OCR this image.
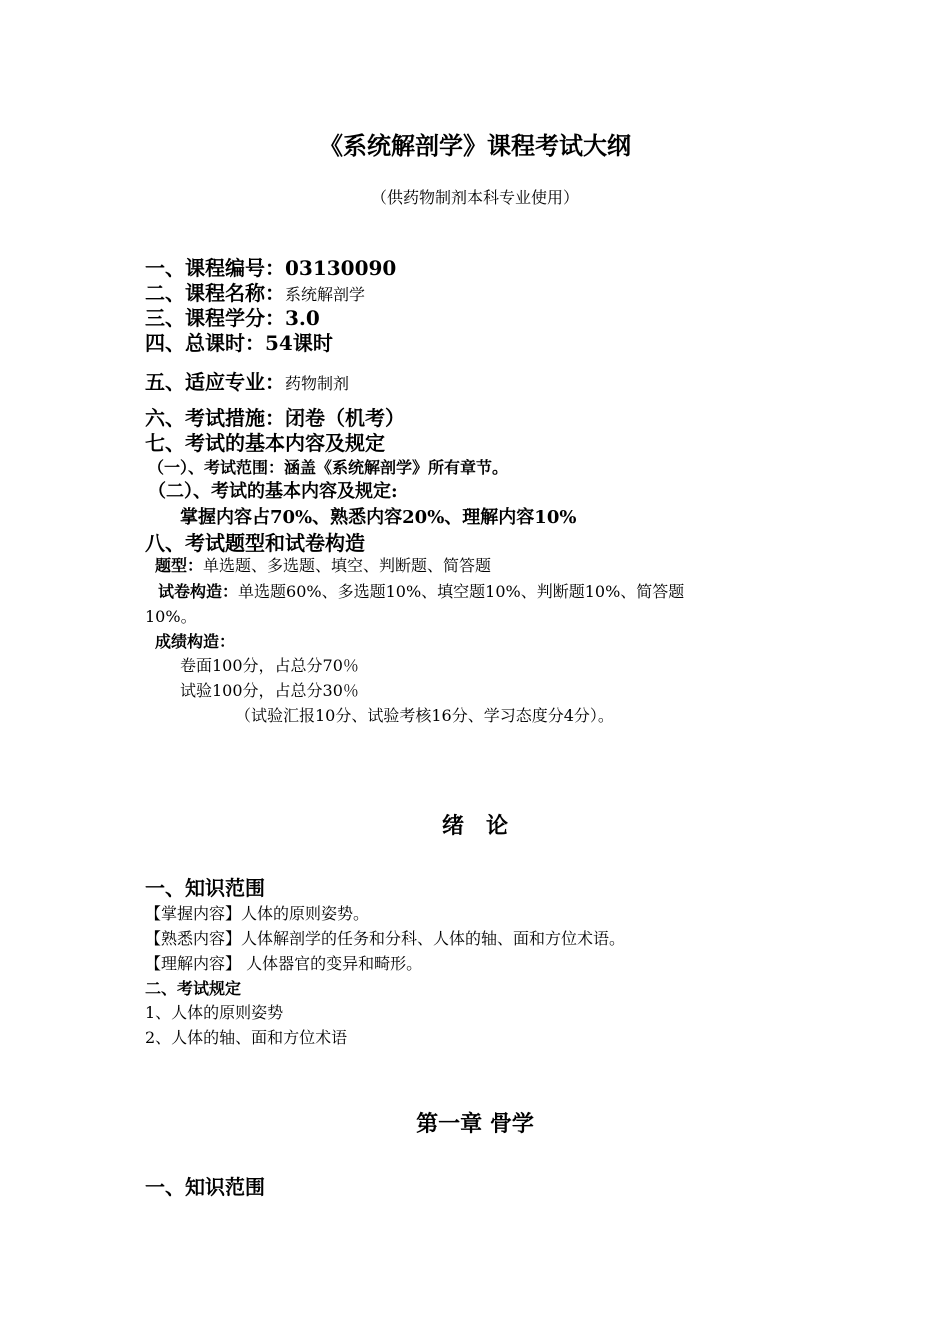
《系统解剖学》课程考试大纲
（供药物制剂本科专业使用）
一、课程编号：03130090
二、课程名称：系统解剖学
三、课程学分：3.0
四、总课时：54课时
五、适应专业：药物制剂
六、考试措施：闭卷（机考）
七、考试的基本内容及规定
（一）、考试范围：涵盖《系统解剖学》所有章节。
（二）、考试的基本内容及规定:
掌握内容占70%、熟悉内容20%、理解内容10%
八、考试题型和试卷构造
题型：单选题、多选题、填空、判断题、简答题
试卷构造：单选题60%、多选题10%、填空题10%、判断题10%、简答题
10%。
成绩构造：
卷面100分，占总分70％
试验100分，占总分30％
（试验汇报10分、试验考核16分、学习态度分4分）。
绪　论
一、知识范围
【掌握内容】人体的原则姿势。
【熟悉内容】人体解剖学的任务和分科、人体的轴、面和方位术语。
【理解内容】 人体器官的变异和畸形。
二、考试规定
1、人体的原则姿势
2、人体的轴、面和方位术语
第一章 骨学
一、知识范围
